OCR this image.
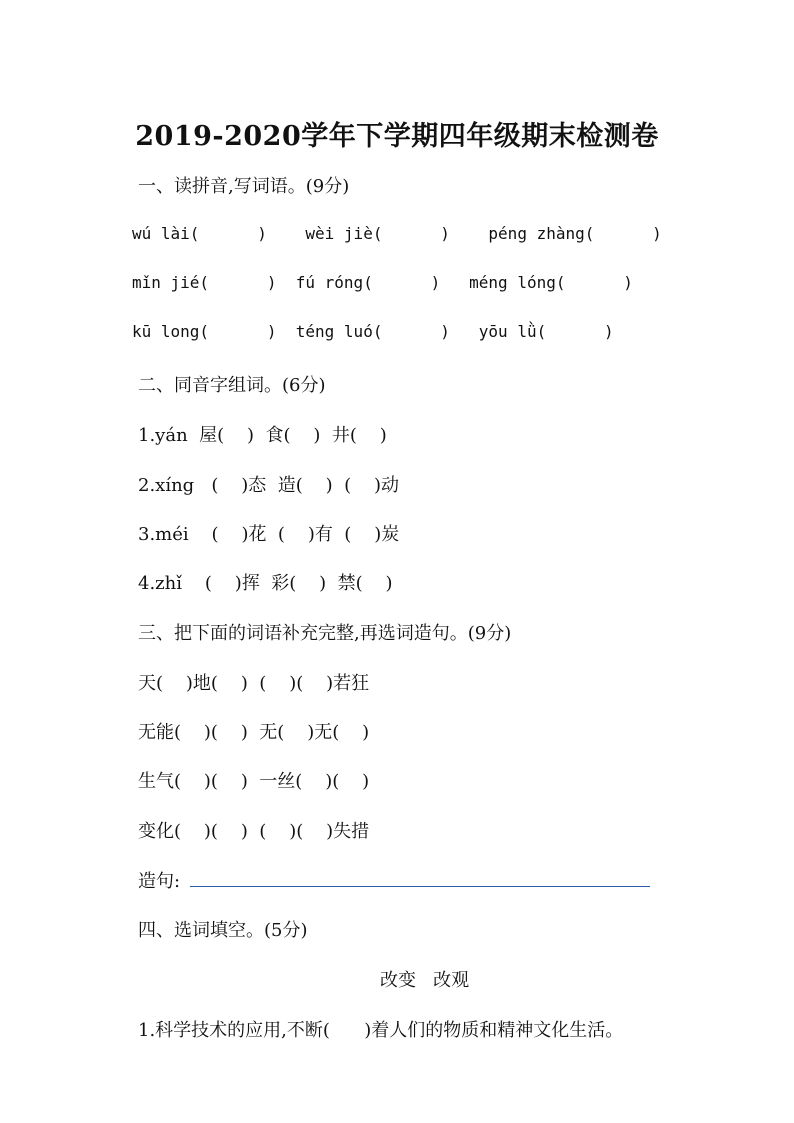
2019-2020学年下学期四年级期末检测卷
一、读拼音,写词语。(9分)
wú lài(      )    wèi jiè(      )    péng zhàng(      )
mǐn jié(      )  fú róng(      )   méng lóng(      )
kū long(      )  téng luó(      )   yōu lǜ(      )
二、同音字组词。(6分)
1.yán  屋(    )  食(    )  井(    )
2.xíng   (    )态  造(    )  (    )动
3.méi    (    )花  (    )有  (    )炭
4.zhǐ    (    )挥  彩(    )  禁(    )
三、把下面的词语补充完整,再选词造句。(9分)
天(    )地(    )  (    )(    )若狂
无能(    )(    )  无(    )无(    )
生气(    )(    )  一丝(    )(    )
变化(    )(    )  (    )(    )失措
造句:
四、选词填空。(5分)
改变   改观
1.科学技术的应用,不断(      )着人们的物质和精神文化生活。
